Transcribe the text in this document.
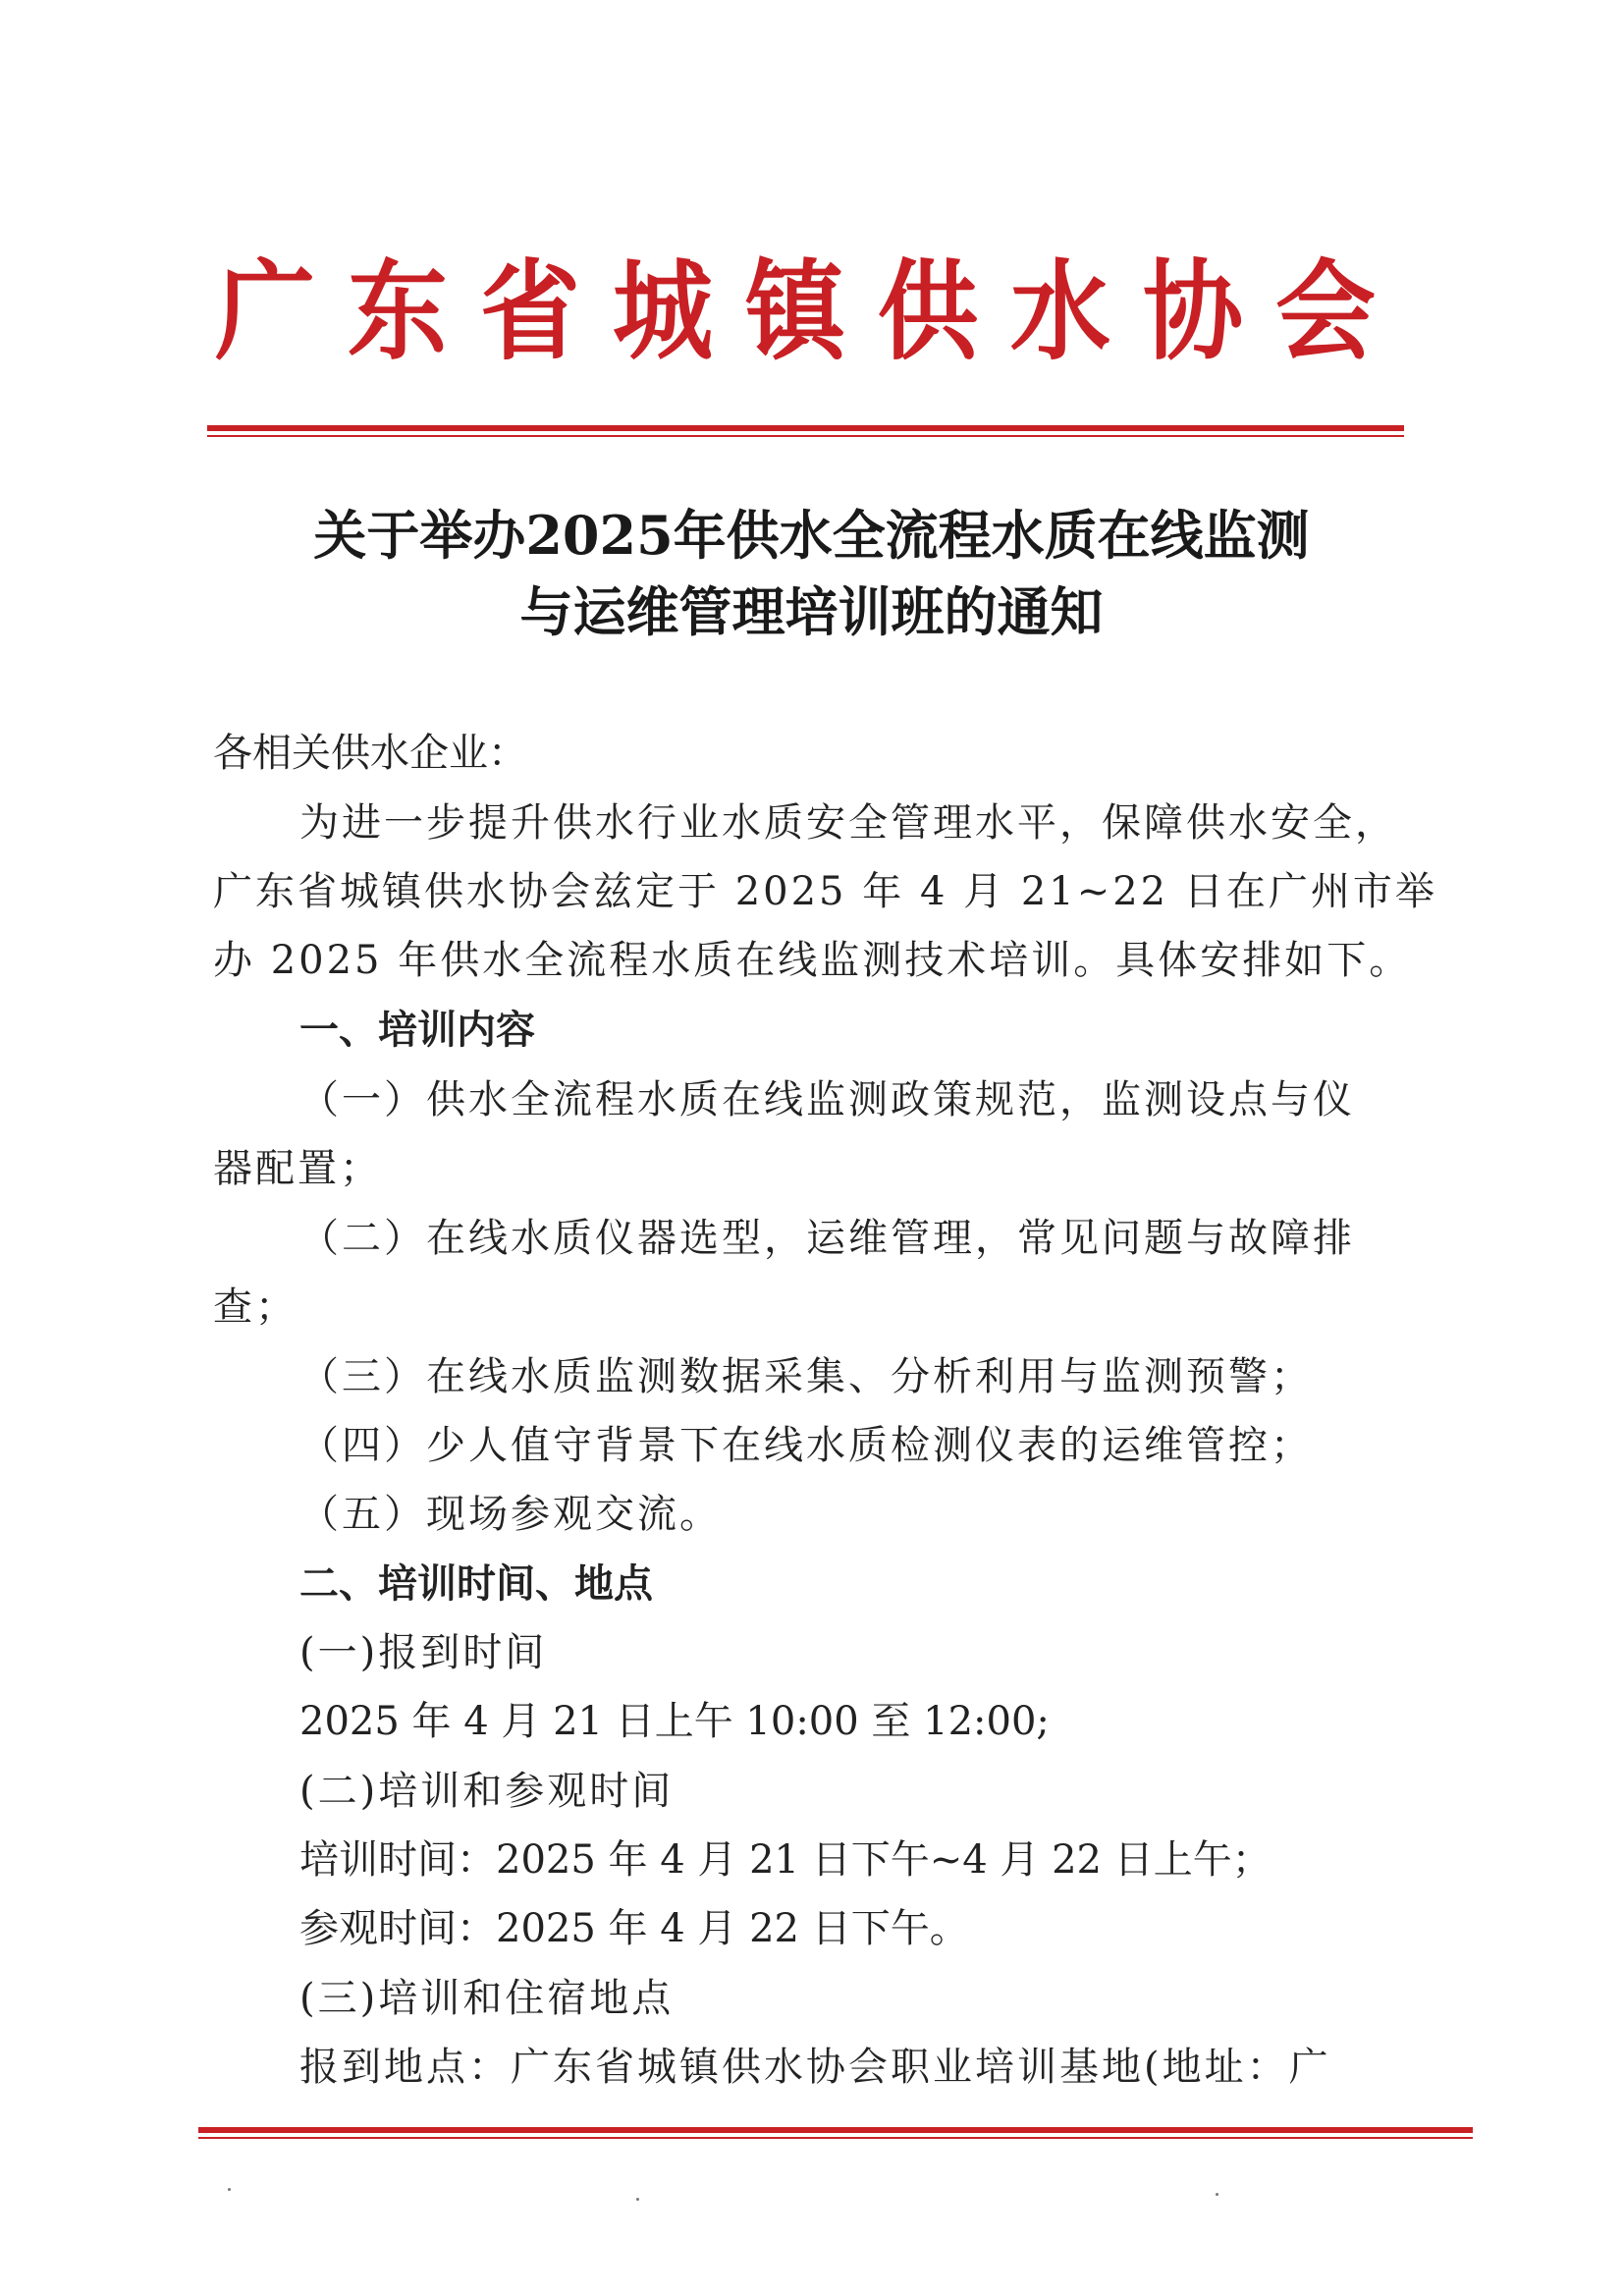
广东省城镇供水协会
关于举办2025年供水全流程水质在线监测
与运维管理培训班的通知
各相关供水企业：
为进一步提升供水行业水质安全管理水平，保障供水安全，
广东省城镇供水协会兹定于 2025 年 4 月 21~22 日在广州市举
办 2025 年供水全流程水质在线监测技术培训。具体安排如下。
一、培训内容
（一）供水全流程水质在线监测政策规范，监测设点与仪
器配置；
（二）在线水质仪器选型，运维管理，常见问题与故障排
查；
（三）在线水质监测数据采集、分析利用与监测预警；
（四）少人值守背景下在线水质检测仪表的运维管控；
（五）现场参观交流。
二、培训时间、地点
(一)报到时间
2025 年 4 月 21 日上午 10:00 至 12:00;
(二)培训和参观时间
培训时间：2025 年 4 月 21 日下午~4 月 22 日上午；
参观时间：2025 年 4 月 22 日下午。
(三)培训和住宿地点
报到地点：广东省城镇供水协会职业培训基地(地址：广
